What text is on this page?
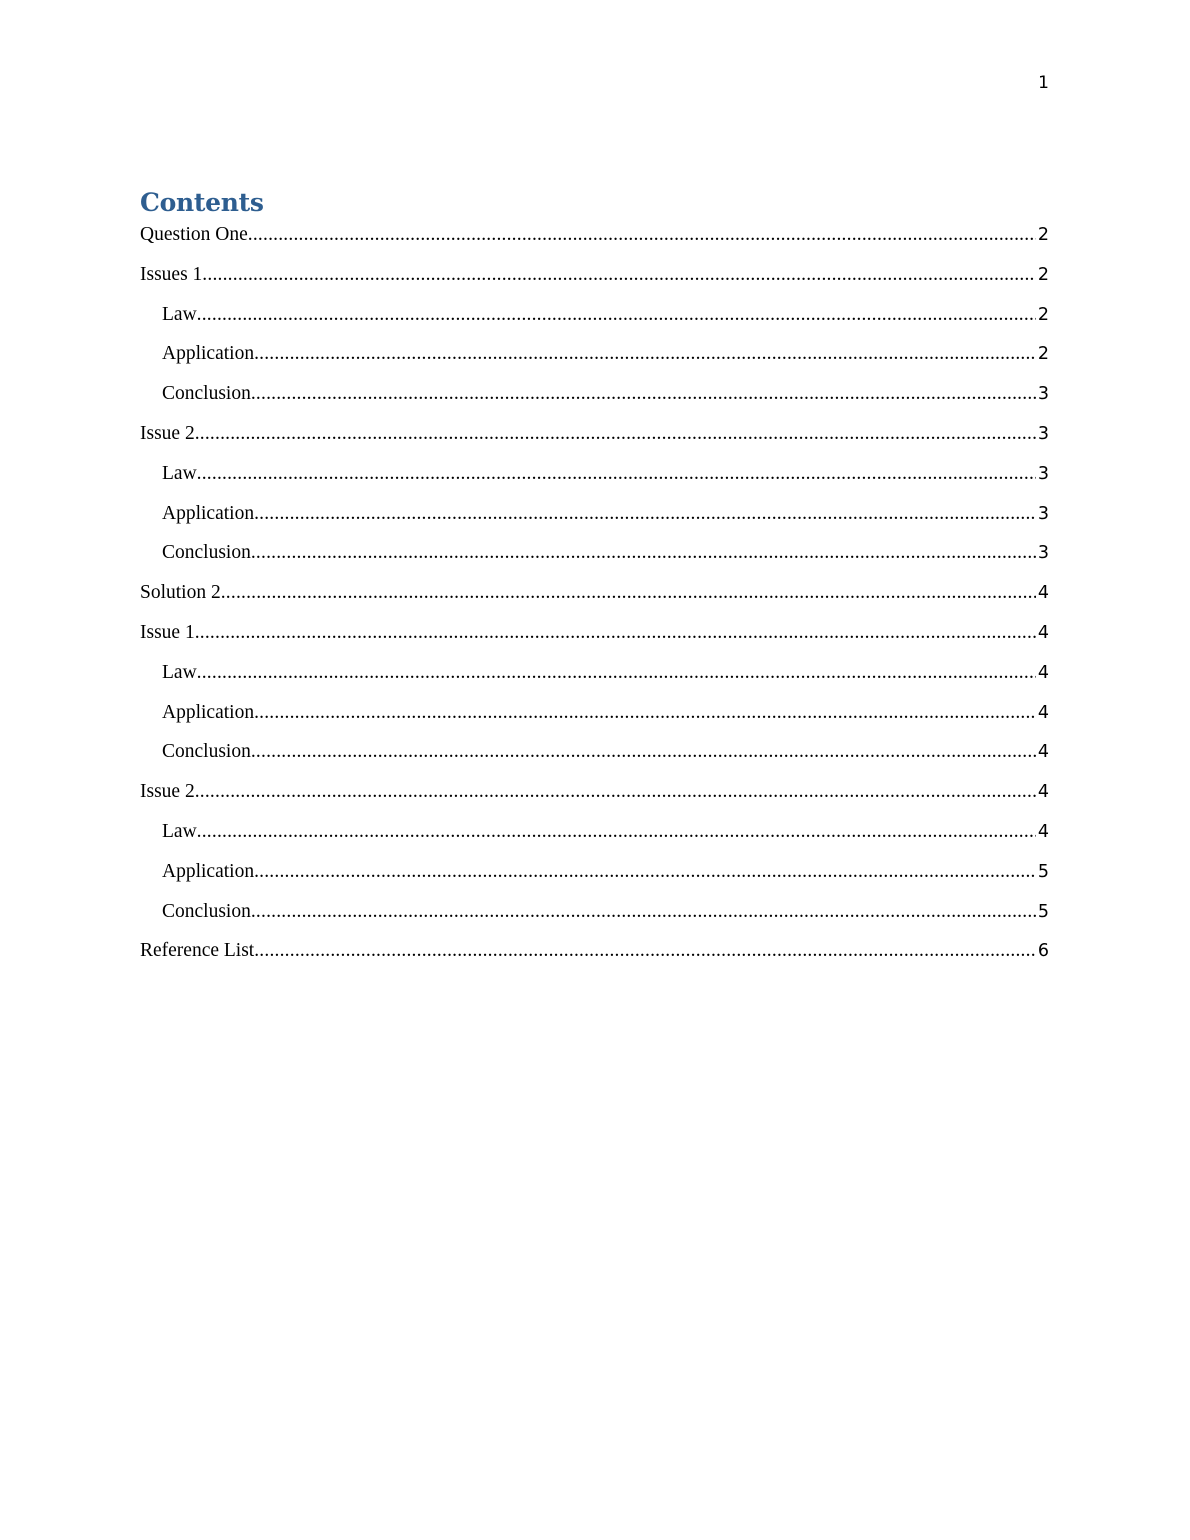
1
Contents
Question One .....	2
Issues 1 .....	2
Law .....	2
Application .....	2
Conclusion .....	3
Issue 2 .....	3
Law .....	3
Application .....	3
Conclusion .....	3
Solution 2 .....	4
Issue 1 .....	4
Law .....	4
Application .....	4
Conclusion .....	4
Issue 2 .....	4
Law .....	4
Application .....	5
Conclusion .....	5
Reference List .....	6
